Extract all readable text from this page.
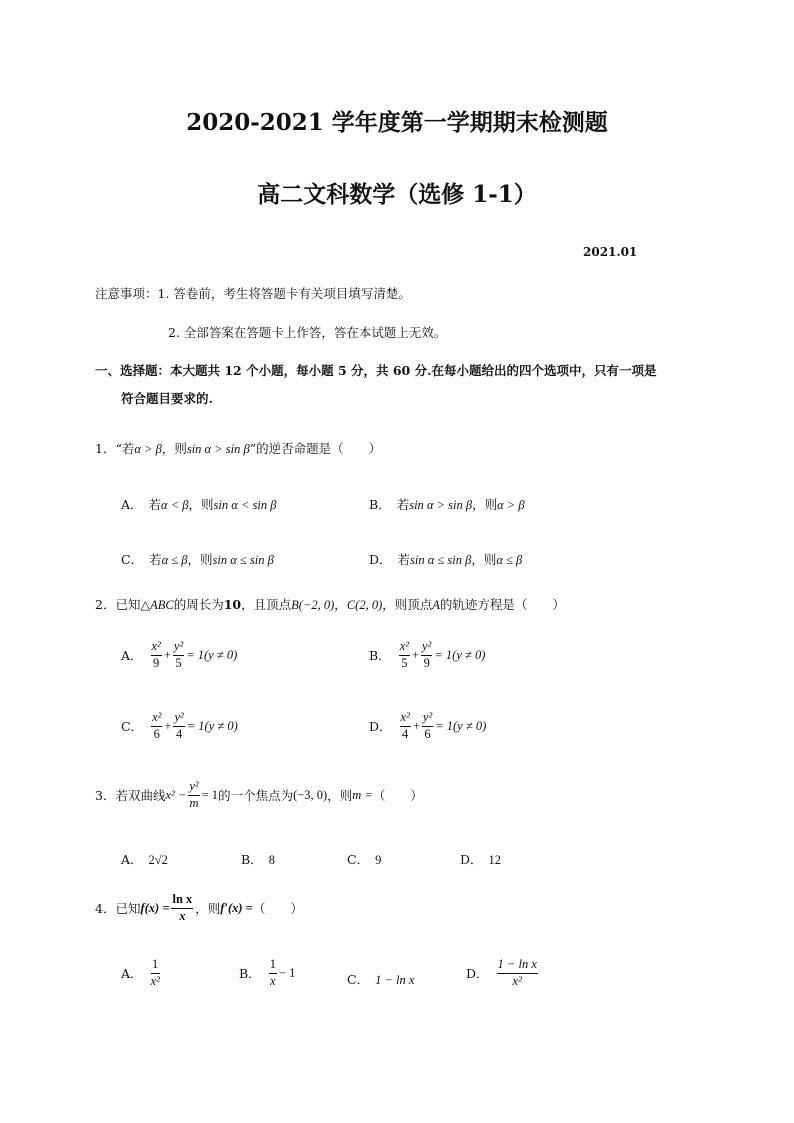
2020-2021 学年度第一学期期末检测题
高二文科数学（选修 1-1）
2021.01
注意事项：1. 答卷前，考生将答题卡有关项目填写清楚。
2. 全部答案在答题卡上作答，答在本试题上无效。
一、选择题：本大题共 12 个小题，每小题 5 分，共 60 分.在每小题给出的四个选项中，只有一项是
符合题目要求的.
1．“若α > β，则sin α > sin β”的逆否命题是（　　）
A． 若α < β，则sin α < sin β	B． 若sin α > sin β，则α > β
C． 若α ≤ β，则sin α ≤ sin β	D． 若sin α ≤ sin β，则α ≤ β
2．已知△ABC的周长为10，且顶点B(−2, 0)，C(2, 0)，则顶点A的轨迹方程是（　　）
A． $\frac{\text{x²}}{9} + \frac{\text{y²}}{5} = 1(y \ne 0)$	B． $\frac{\text{x²}}{5} + \frac{\text{y²}}{9} = 1(y \ne 0)$
C． $\frac{\text{x²}}{6} + \frac{\text{y²}}{4} = 1(y \ne 0)$	D． $\frac{\text{x²}}{4} + \frac{\text{y²}}{6} = 1(y \ne 0)$
3．若双曲线$x^2 - \frac{\text{y²}}{m} = 1$的一个焦点为(−3, 0)，则m =（　　）
A． 2√2	B． 8	C． 9	D． 12
4．已知$f(x) = \frac{\text{ln x}}{x}$ ，则f′(x) =（　　）
A． $\frac{1}{\text{x²}}$	B． $\frac{1}{x} - 1$	C． 1 − ln x	D． $\frac{\text{1 − ln x}}{\text{x²}}$
